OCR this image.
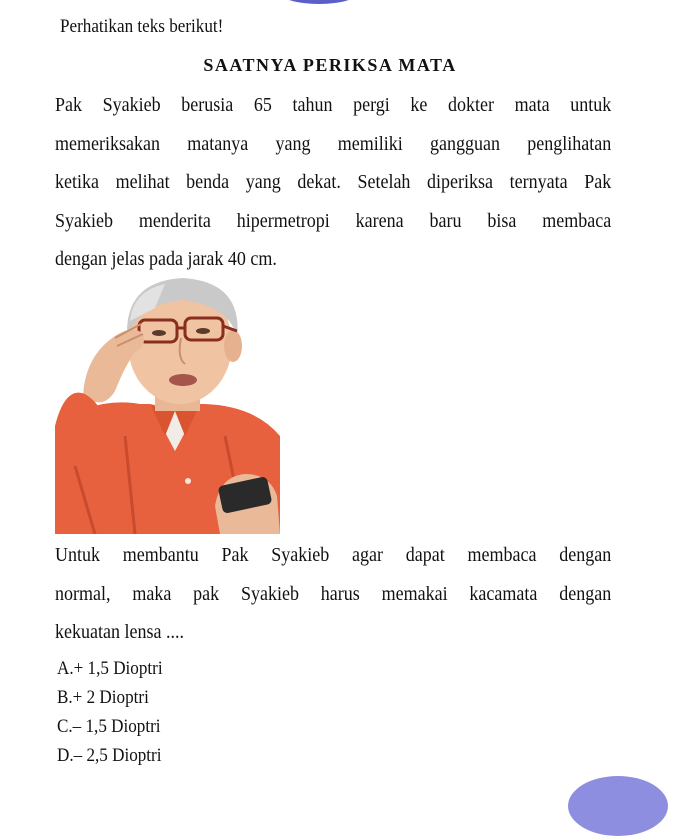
Perhatikan teks berikut!
SAATNYA PERIKSA MATA
Pak Syakieb berusia 65 tahun pergi ke dokter mata untuk
memeriksakan matanya yang memiliki gangguan penglihatan
ketika melihat benda yang dekat. Setelah diperiksa ternyata Pak
Syakieb menderita hipermetropi karena baru bisa membaca
dengan jelas pada jarak 40 cm.
Untuk membantu Pak Syakieb agar dapat membaca dengan
normal, maka pak Syakieb harus memakai kacamata dengan
kekuatan lensa ....
A.+ 1,5 Dioptri
B.+ 2 Dioptri
C.– 1,5 Dioptri
D.– 2,5 Dioptri
